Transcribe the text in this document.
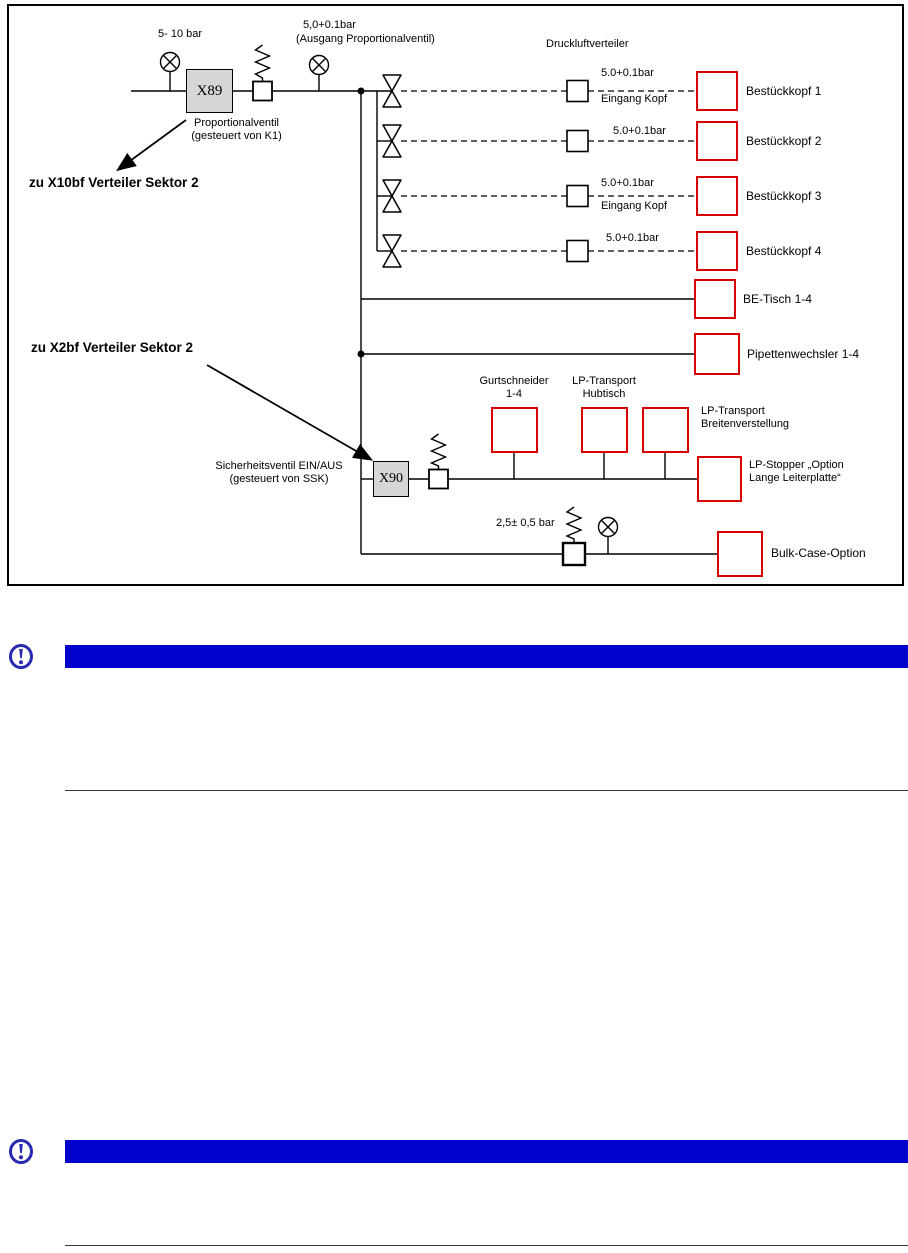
X89
X90
5- 10 bar
5,0+0.1bar
(Ausgang Proportionalventil)	Druckluftverteiler
Proportionalventil
(gesteuert von K1)
zu X10bf Verteiler Sektor 2
zu X2bf Verteiler Sektor 2
5.0+0.1bar
Eingang Kopf
Bestückkopf 1
5.0+0.1bar
Bestückkopf 2
5.0+0.1bar
Eingang Kopf
Bestückkopf 3
5.0+0.1bar
Bestückkopf 4
BE-Tisch 1-4
Pipettenwechsler 1-4
Sicherheitsventil EIN/AUS
(gesteuert von SSK)
Gurtschneider
1-4
LP-Transport
Hubtisch
LP-Transport
Breitenverstellung
LP-Stopper „Option
Lange Leiterplatte“
2,5± 0,5 bar
Bulk-Case-Option
